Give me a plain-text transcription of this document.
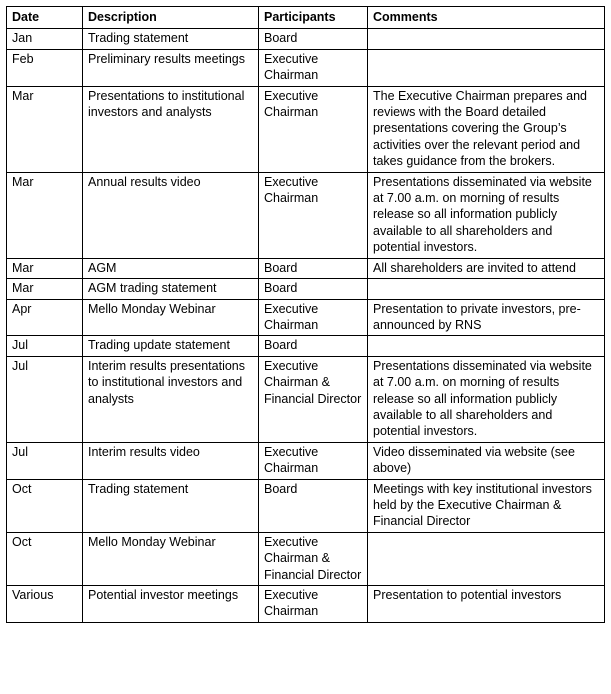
Date	Description	Participants	Comments

Jan	Trading statement	Board	

Feb	Preliminary results meetings	Executive Chairman	

Mar	Presentations to institutional investors and analysts	Executive Chairman	The Executive Chairman prepares and reviews with the Board detailed presentations covering the Group’s activities over the relevant period and takes guidance from the brokers.

Mar	Annual results video	Executive Chairman	Presentations disseminated via website at 7.00 a.m. on morning of results release so all information publicly available to all shareholders and potential investors.

Mar	AGM	Board	All shareholders are invited to attend

Mar	AGM trading statement	Board	

Apr	Mello Monday Webinar	Executive Chairman	Presentation to private investors, pre-announced by RNS

Jul	Trading update statement	Board	

Jul	Interim results presentations to institutional investors and analysts	Executive Chairman & Financial Director	Presentations disseminated via website at 7.00 a.m. on morning of results release so all information publicly available to all shareholders and potential investors.

Jul	Interim results video	Executive Chairman	Video disseminated via website (see above)

Oct	Trading statement	Board	Meetings with key institutional investors held by the Executive Chairman & Financial Director

Oct	Mello Monday Webinar	Executive Chairman & Financial Director	

Various	Potential investor meetings	Executive Chairman	Presentation to potential investors
